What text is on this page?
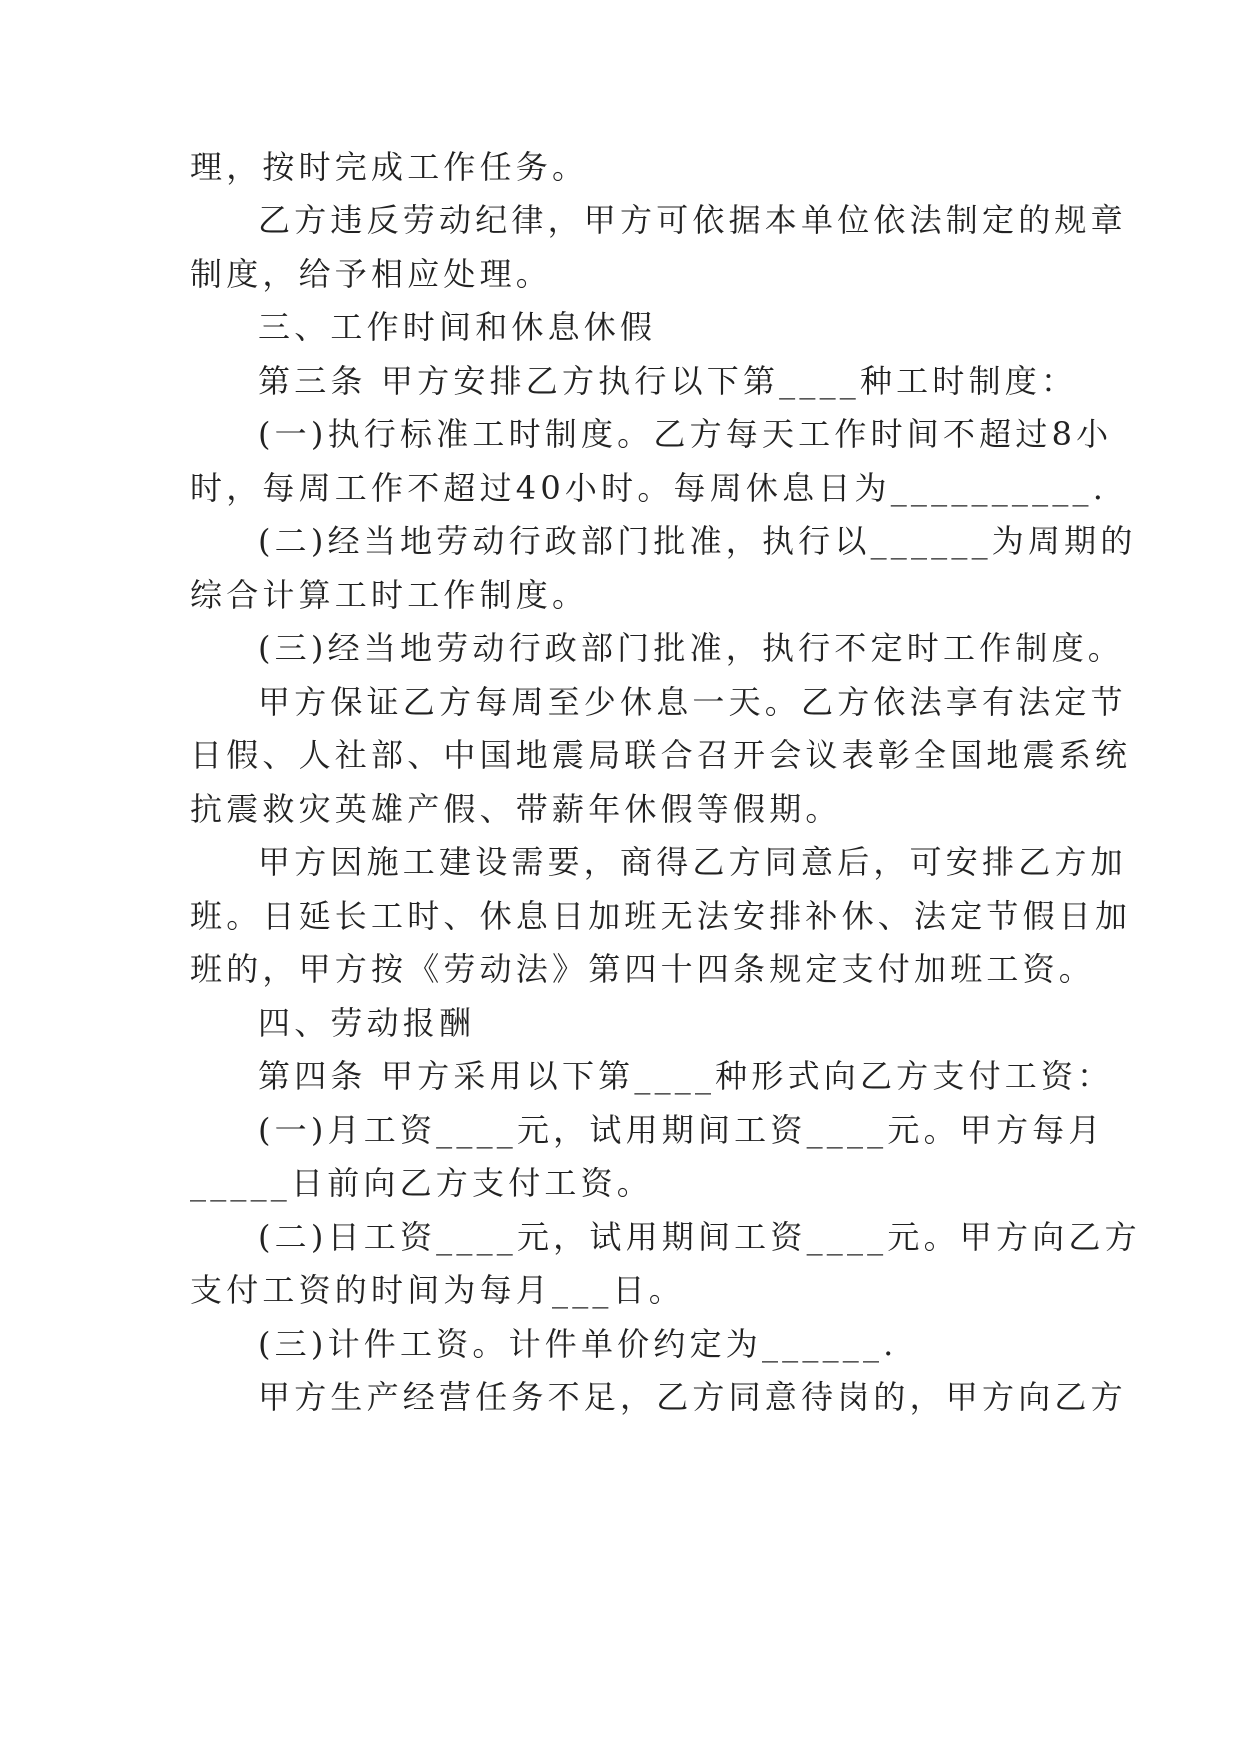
理，按时完成工作任务。
乙方违反劳动纪律，甲方可依据本单位依法制定的规章
制度，给予相应处理。
三、工作时间和休息休假
第三条 甲方安排乙方执行以下第____种工时制度：
(一)执行标准工时制度。乙方每天工作时间不超过8小
时，每周工作不超过40小时。每周休息日为__________.
(二)经当地劳动行政部门批准，执行以______为周期的
综合计算工时工作制度。
(三)经当地劳动行政部门批准，执行不定时工作制度。
甲方保证乙方每周至少休息一天。乙方依法享有法定节
日假、人社部、中国地震局联合召开会议表彰全国地震系统
抗震救灾英雄产假、带薪年休假等假期。
甲方因施工建设需要，商得乙方同意后，可安排乙方加
班。日延长工时、休息日加班无法安排补休、法定节假日加
班的，甲方按《劳动法》第四十四条规定支付加班工资。
四、劳动报酬
第四条 甲方采用以下第____种形式向乙方支付工资：
(一)月工资____元，试用期间工资____元。甲方每月
_____日前向乙方支付工资。
(二)日工资____元，试用期间工资____元。甲方向乙方
支付工资的时间为每月___日。
(三)计件工资。计件单价约定为______.
甲方生产经营任务不足，乙方同意待岗的，甲方向乙方
